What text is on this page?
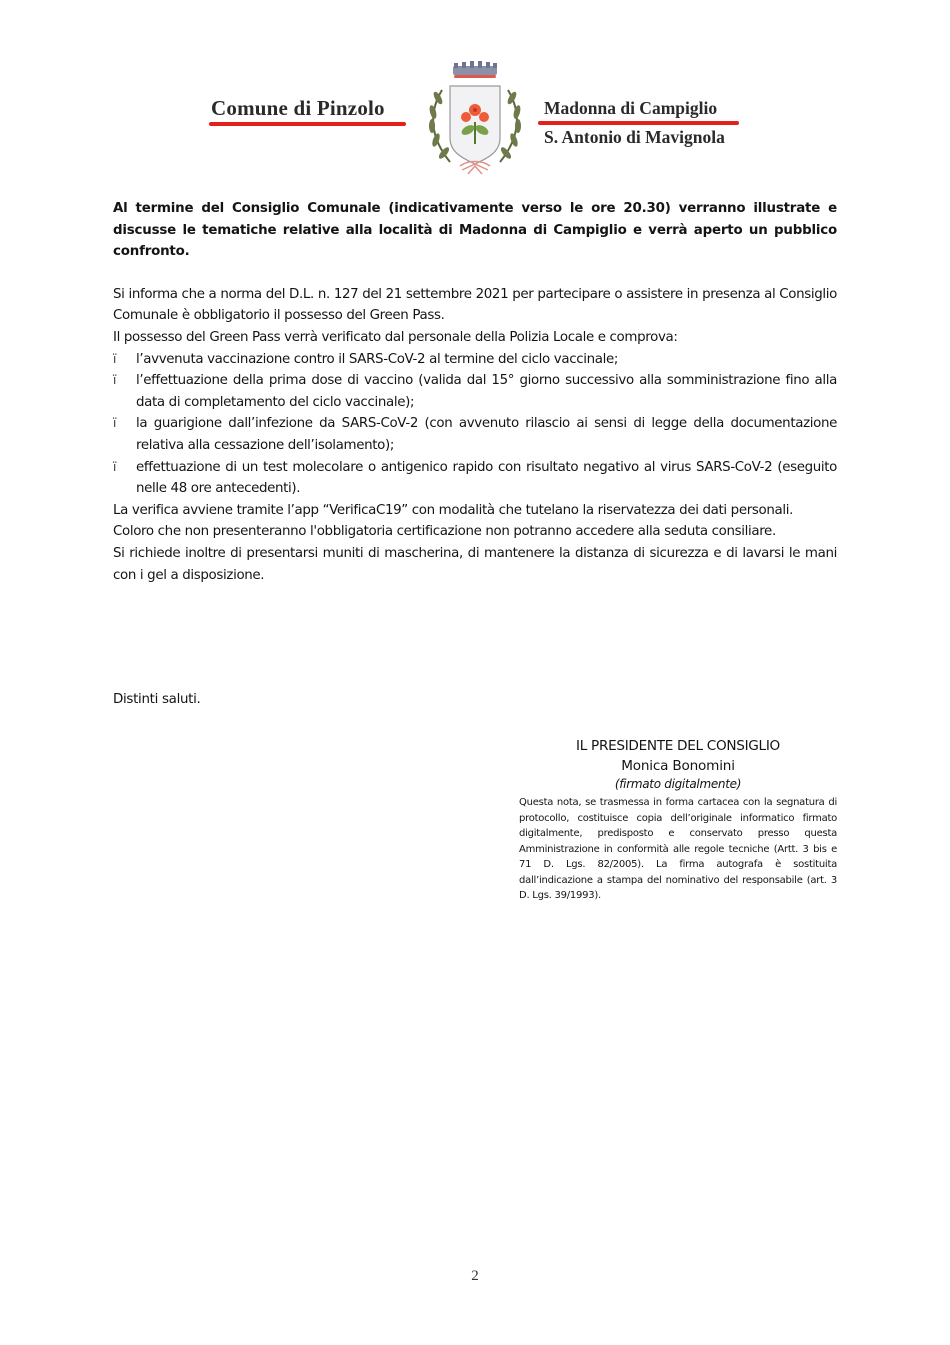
Comune di Pinzolo	Madonna di Campiglio
S. Antonio di Mavignola

Al termine del Consiglio Comunale (indicativamente verso le ore 20.30) verranno illustrate e discusse le tematiche relative alla località di Madonna di Campiglio e verrà aperto un pubblico confronto.

Si informa che a norma del D.L. n. 127 del 21 settembre 2021 per partecipare o assistere in presenza al Consiglio Comunale è obbligatorio il possesso del Green Pass.

Il possesso del Green Pass verrà verificato dal personale della Polizia Locale e comprova:

ï	l’avvenuta vaccinazione contro il SARS-CoV-2 al termine del ciclo vaccinale;
ï	l’effettuazione della prima dose di vaccino (valida dal 15° giorno successivo alla somministrazione fino alla data di completamento del ciclo vaccinale);
ï	la guarigione dall’infezione da SARS-CoV-2 (con avvenuto rilascio ai sensi di legge della documentazione relativa alla cessazione dell’isolamento);
ï	effettuazione di un test molecolare o antigenico rapido con risultato negativo al virus SARS-CoV-2 (eseguito nelle 48 ore antecedenti).

La verifica avviene tramite l’app “VerificaC19” con modalità che tutelano la riservatezza dei dati personali.

Coloro che non presenteranno l'obbligatoria certificazione non potranno accedere alla seduta consiliare.

Si richiede inoltre di presentarsi muniti di mascherina, di mantenere la distanza di sicurezza e di lavarsi le mani con i gel a disposizione.

Distinti saluti.
IL PRESIDENTE DEL CONSIGLIO
Monica Bonomini
(firmato digitalmente)
Questa nota, se trasmessa in forma cartacea con la segnatura di protocollo, costituisce copia dell’originale informatico firmato digitalmente, predisposto e conservato presso questa Amministrazione in conformità alle regole tecniche (Artt. 3 bis e 71 D. Lgs. 82/2005). La firma autografa è sostituita dall’indicazione a stampa del nominativo del responsabile (art. 3 D. Lgs. 39/1993).
2
